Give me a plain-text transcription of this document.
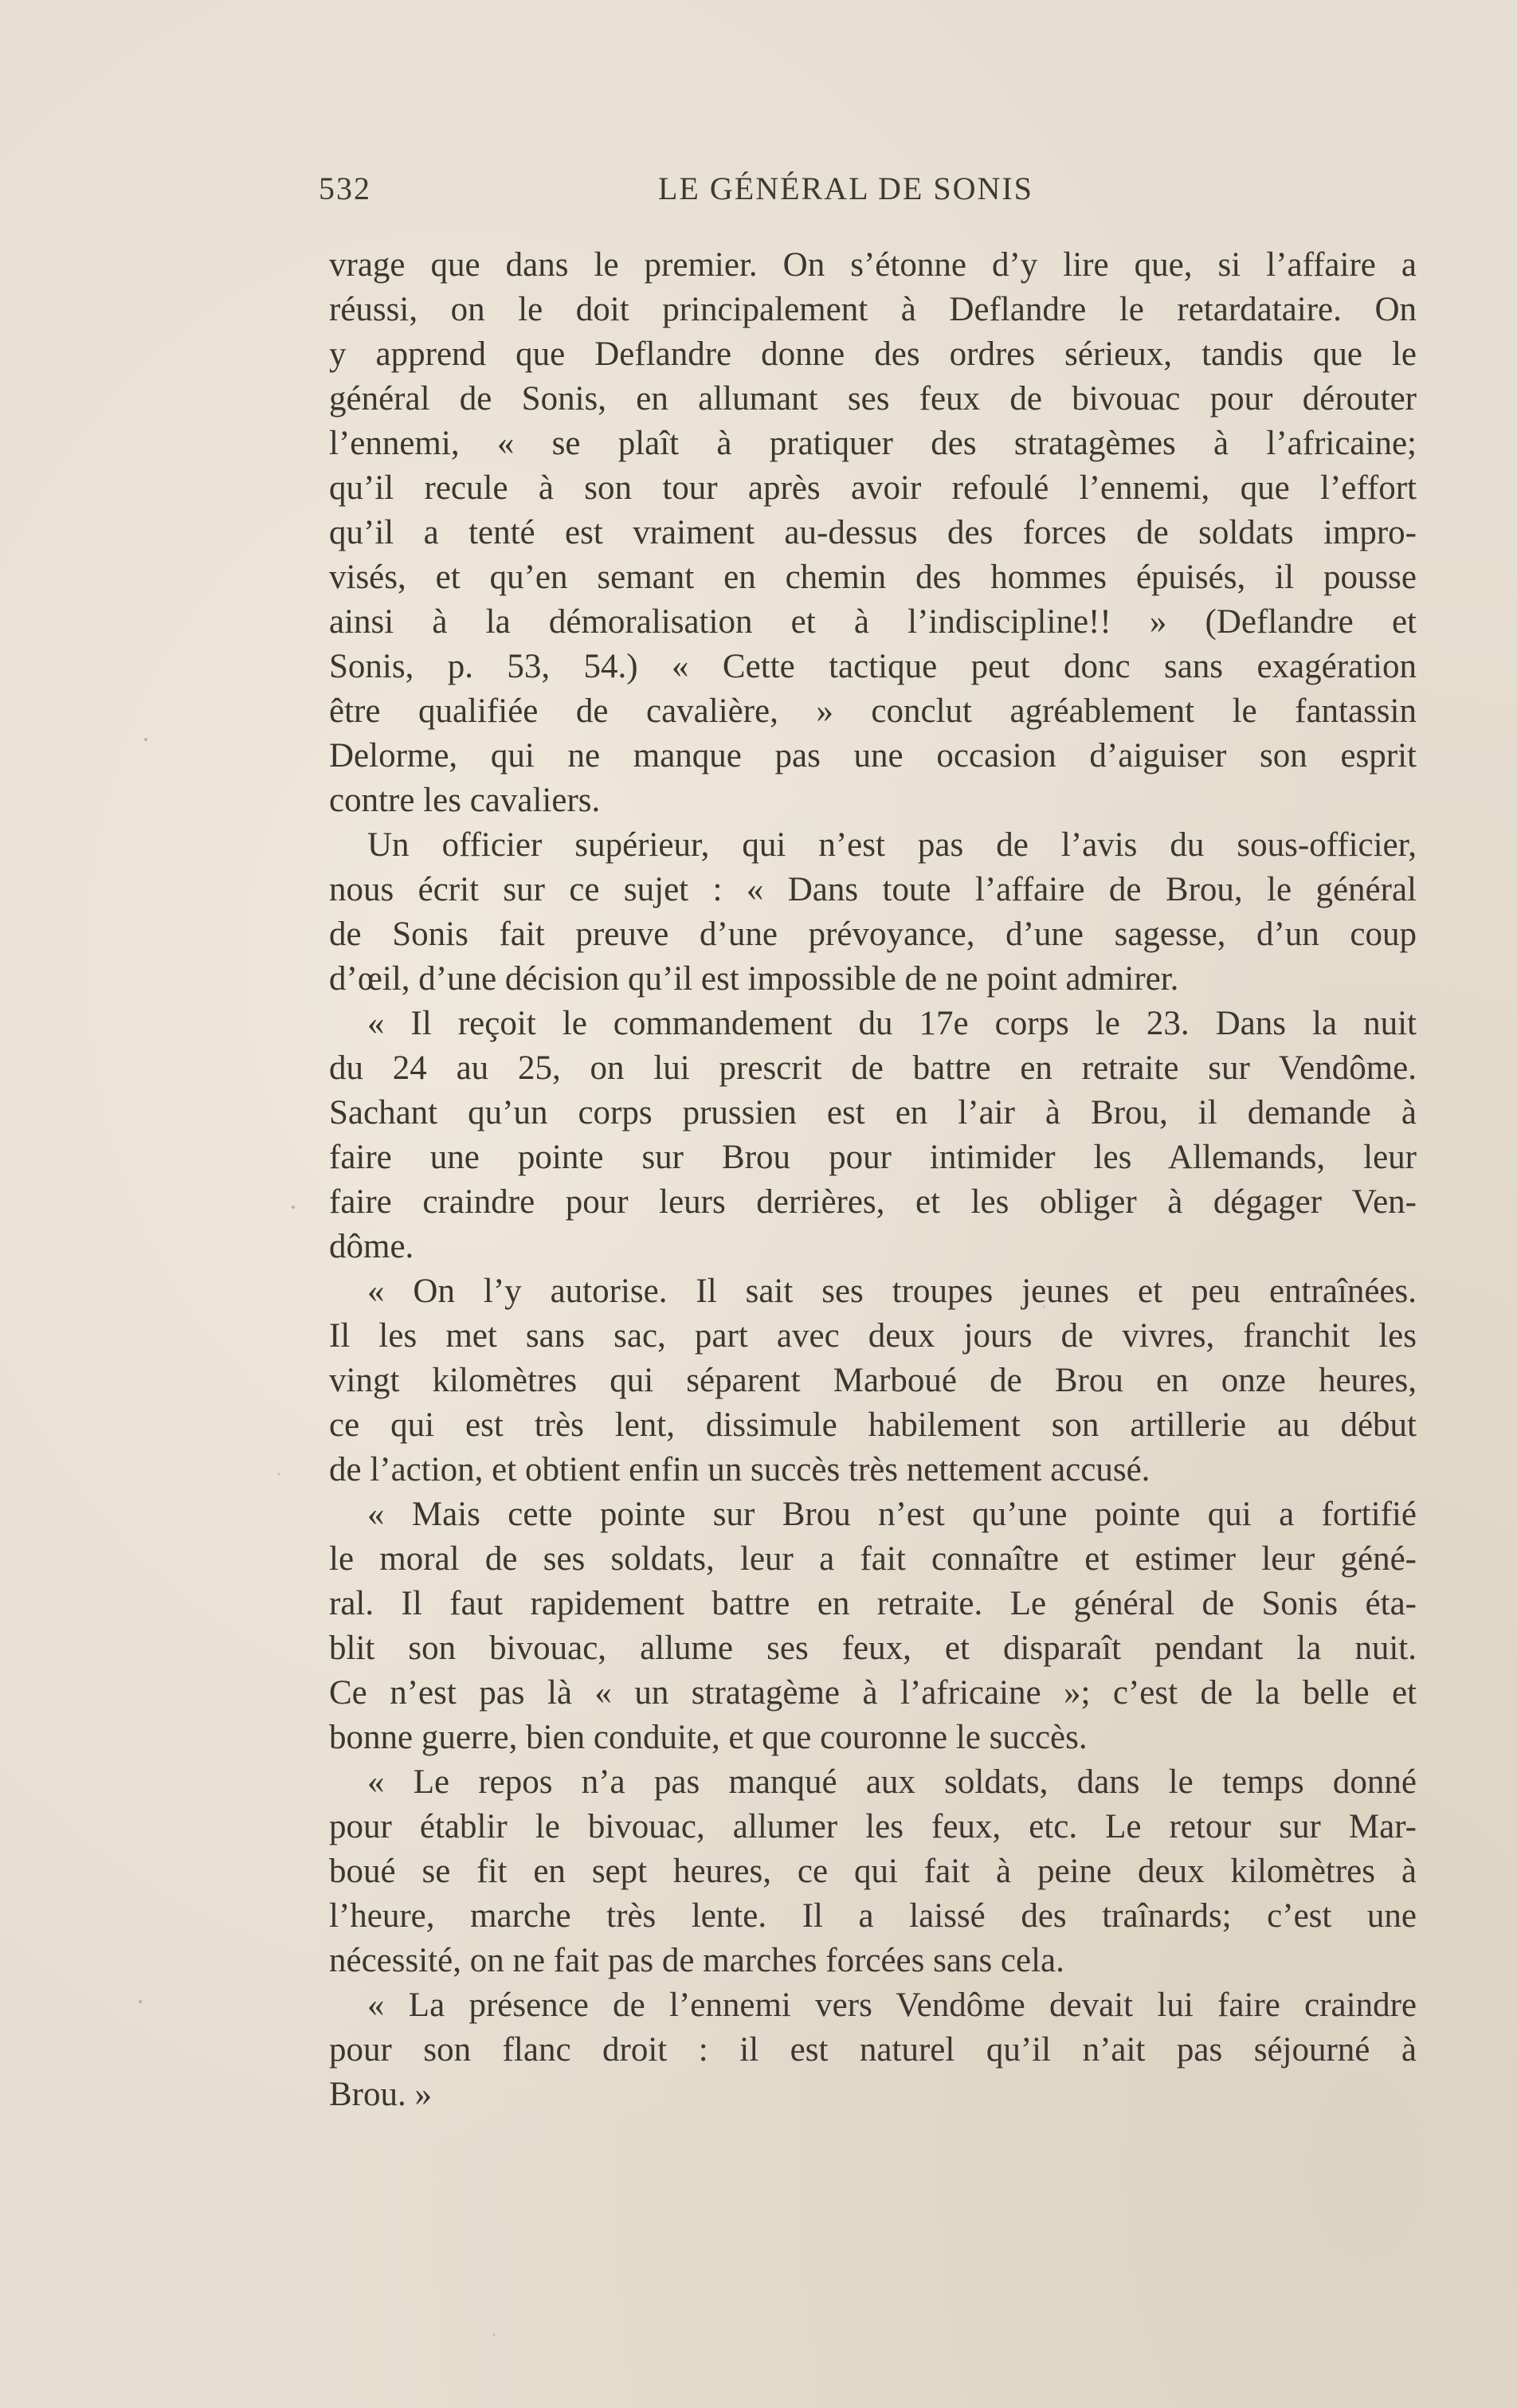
532	LE GÉNÉRAL DE SONIS
vrage que dans le premier. On s’étonne d’y lire que, si l’affaire a
réussi, on le doit principalement à Deflandre le retardataire. On
y apprend que Deflandre donne des ordres sérieux, tandis que le
général de Sonis, en allumant ses feux de bivouac pour dérouter
l’ennemi, « se plaît à pratiquer des stratagèmes à l’africaine;
qu’il recule à son tour après avoir refoulé l’ennemi, que l’effort
qu’il a tenté est vraiment au-dessus des forces de soldats impro-
visés, et qu’en semant en chemin des hommes épuisés, il pousse
ainsi à la démoralisation et à l’indiscipline!! » (Deflandre et
Sonis, p. 53, 54.) « Cette tactique peut donc sans exagération
être qualifiée de cavalière, » conclut agréablement le fantassin
Delorme, qui ne manque pas une occasion d’aiguiser son esprit
contre les cavaliers.
Un officier supérieur, qui n’est pas de l’avis du sous-officier,
nous écrit sur ce sujet : « Dans toute l’affaire de Brou, le général
de Sonis fait preuve d’une prévoyance, d’une sagesse, d’un coup
d’œil, d’une décision qu’il est impossible de ne point admirer.
« Il reçoit le commandement du 17e corps le 23. Dans la nuit
du 24 au 25, on lui prescrit de battre en retraite sur Vendôme.
Sachant qu’un corps prussien est en l’air à Brou, il demande à
faire une pointe sur Brou pour intimider les Allemands, leur
faire craindre pour leurs derrières, et les obliger à dégager Ven-
dôme.
« On l’y autorise. Il sait ses troupes jeunes et peu entraînées.
Il les met sans sac, part avec deux jours de vivres, franchit les
vingt kilomètres qui séparent Marboué de Brou en onze heures,
ce qui est très lent, dissimule habilement son artillerie au début
de l’action, et obtient enfin un succès très nettement accusé.
« Mais cette pointe sur Brou n’est qu’une pointe qui a fortifié
le moral de ses soldats, leur a fait connaître et estimer leur géné-
ral. Il faut rapidement battre en retraite. Le général de Sonis éta-
blit son bivouac, allume ses feux, et disparaît pendant la nuit.
Ce n’est pas là « un stratagème à l’africaine »; c’est de la belle et
bonne guerre, bien conduite, et que couronne le succès.
« Le repos n’a pas manqué aux soldats, dans le temps donné
pour établir le bivouac, allumer les feux, etc. Le retour sur Mar-
boué se fit en sept heures, ce qui fait à peine deux kilomètres à
l’heure, marche très lente. Il a laissé des traînards; c’est une
nécessité, on ne fait pas de marches forcées sans cela.
« La présence de l’ennemi vers Vendôme devait lui faire craindre
pour son flanc droit : il est naturel qu’il n’ait pas séjourné à
Brou. »
